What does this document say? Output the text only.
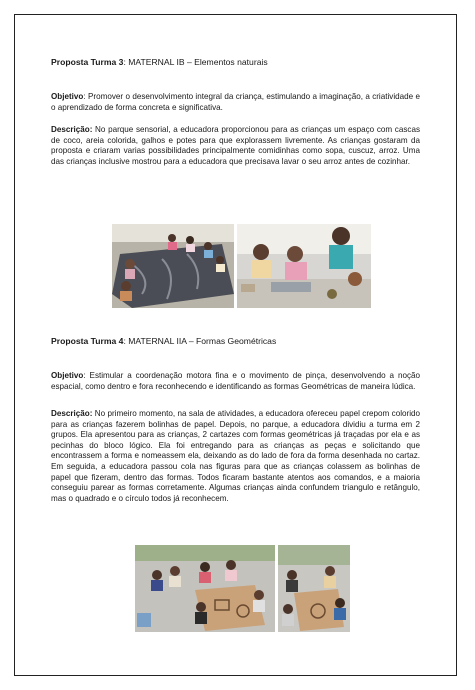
Proposta Turma 3: MATERNAL IB – Elementos naturais

Objetivo: Promover o desenvolvimento integral da criança, estimulando a imaginação, a criatividade e o aprendizado de forma concreta e significativa.

Descrição: No parque sensorial, a educadora proporcionou para as crianças um espaço com cascas de coco, areia colorida, galhos e potes para que explorassem livremente. As crianças gostaram da proposta e criaram varias possibilidades principalmente comidinhas como sopa, cuscuz, arroz. Uma das crianças inclusive mostrou para a educadora que precisava lavar o seu arroz antes de cozinhar.

Proposta Turma 4: MATERNAL IIA – Formas Geométricas

Objetivo: Estimular a coordenação motora fina e o movimento de pinça, desenvolvendo a noção espacial, como dentro e fora reconhecendo e identificando as formas Geométricas de maneira lúdica.

Descrição: No primeiro momento, na sala de atividades, a educadora ofereceu papel crepom colorido para as crianças fazerem bolinhas de papel. Depois, no parque, a educadora dividiu a turma em 2 grupos. Ela apresentou para as crianças, 2 cartazes com formas geométricas já traçadas por ela e as pecinhas do bloco lógico. Ela foi entregando para as crianças as peças e solicitando que encontrassem a forma e nomeassem ela, deixando as do lado de fora da forma desenhada no cartaz. Em seguida, a educadora passou cola nas figuras para que as crianças colassem as bolinhas de papel que fizeram, dentro das formas. Todos ficaram bastante atentos aos comandos, e a maioria conseguiu parear as formas corretamente. Algumas crianças ainda confundem triangulo e retângulo, mas o quadrado e o círculo todos já reconhecem.
